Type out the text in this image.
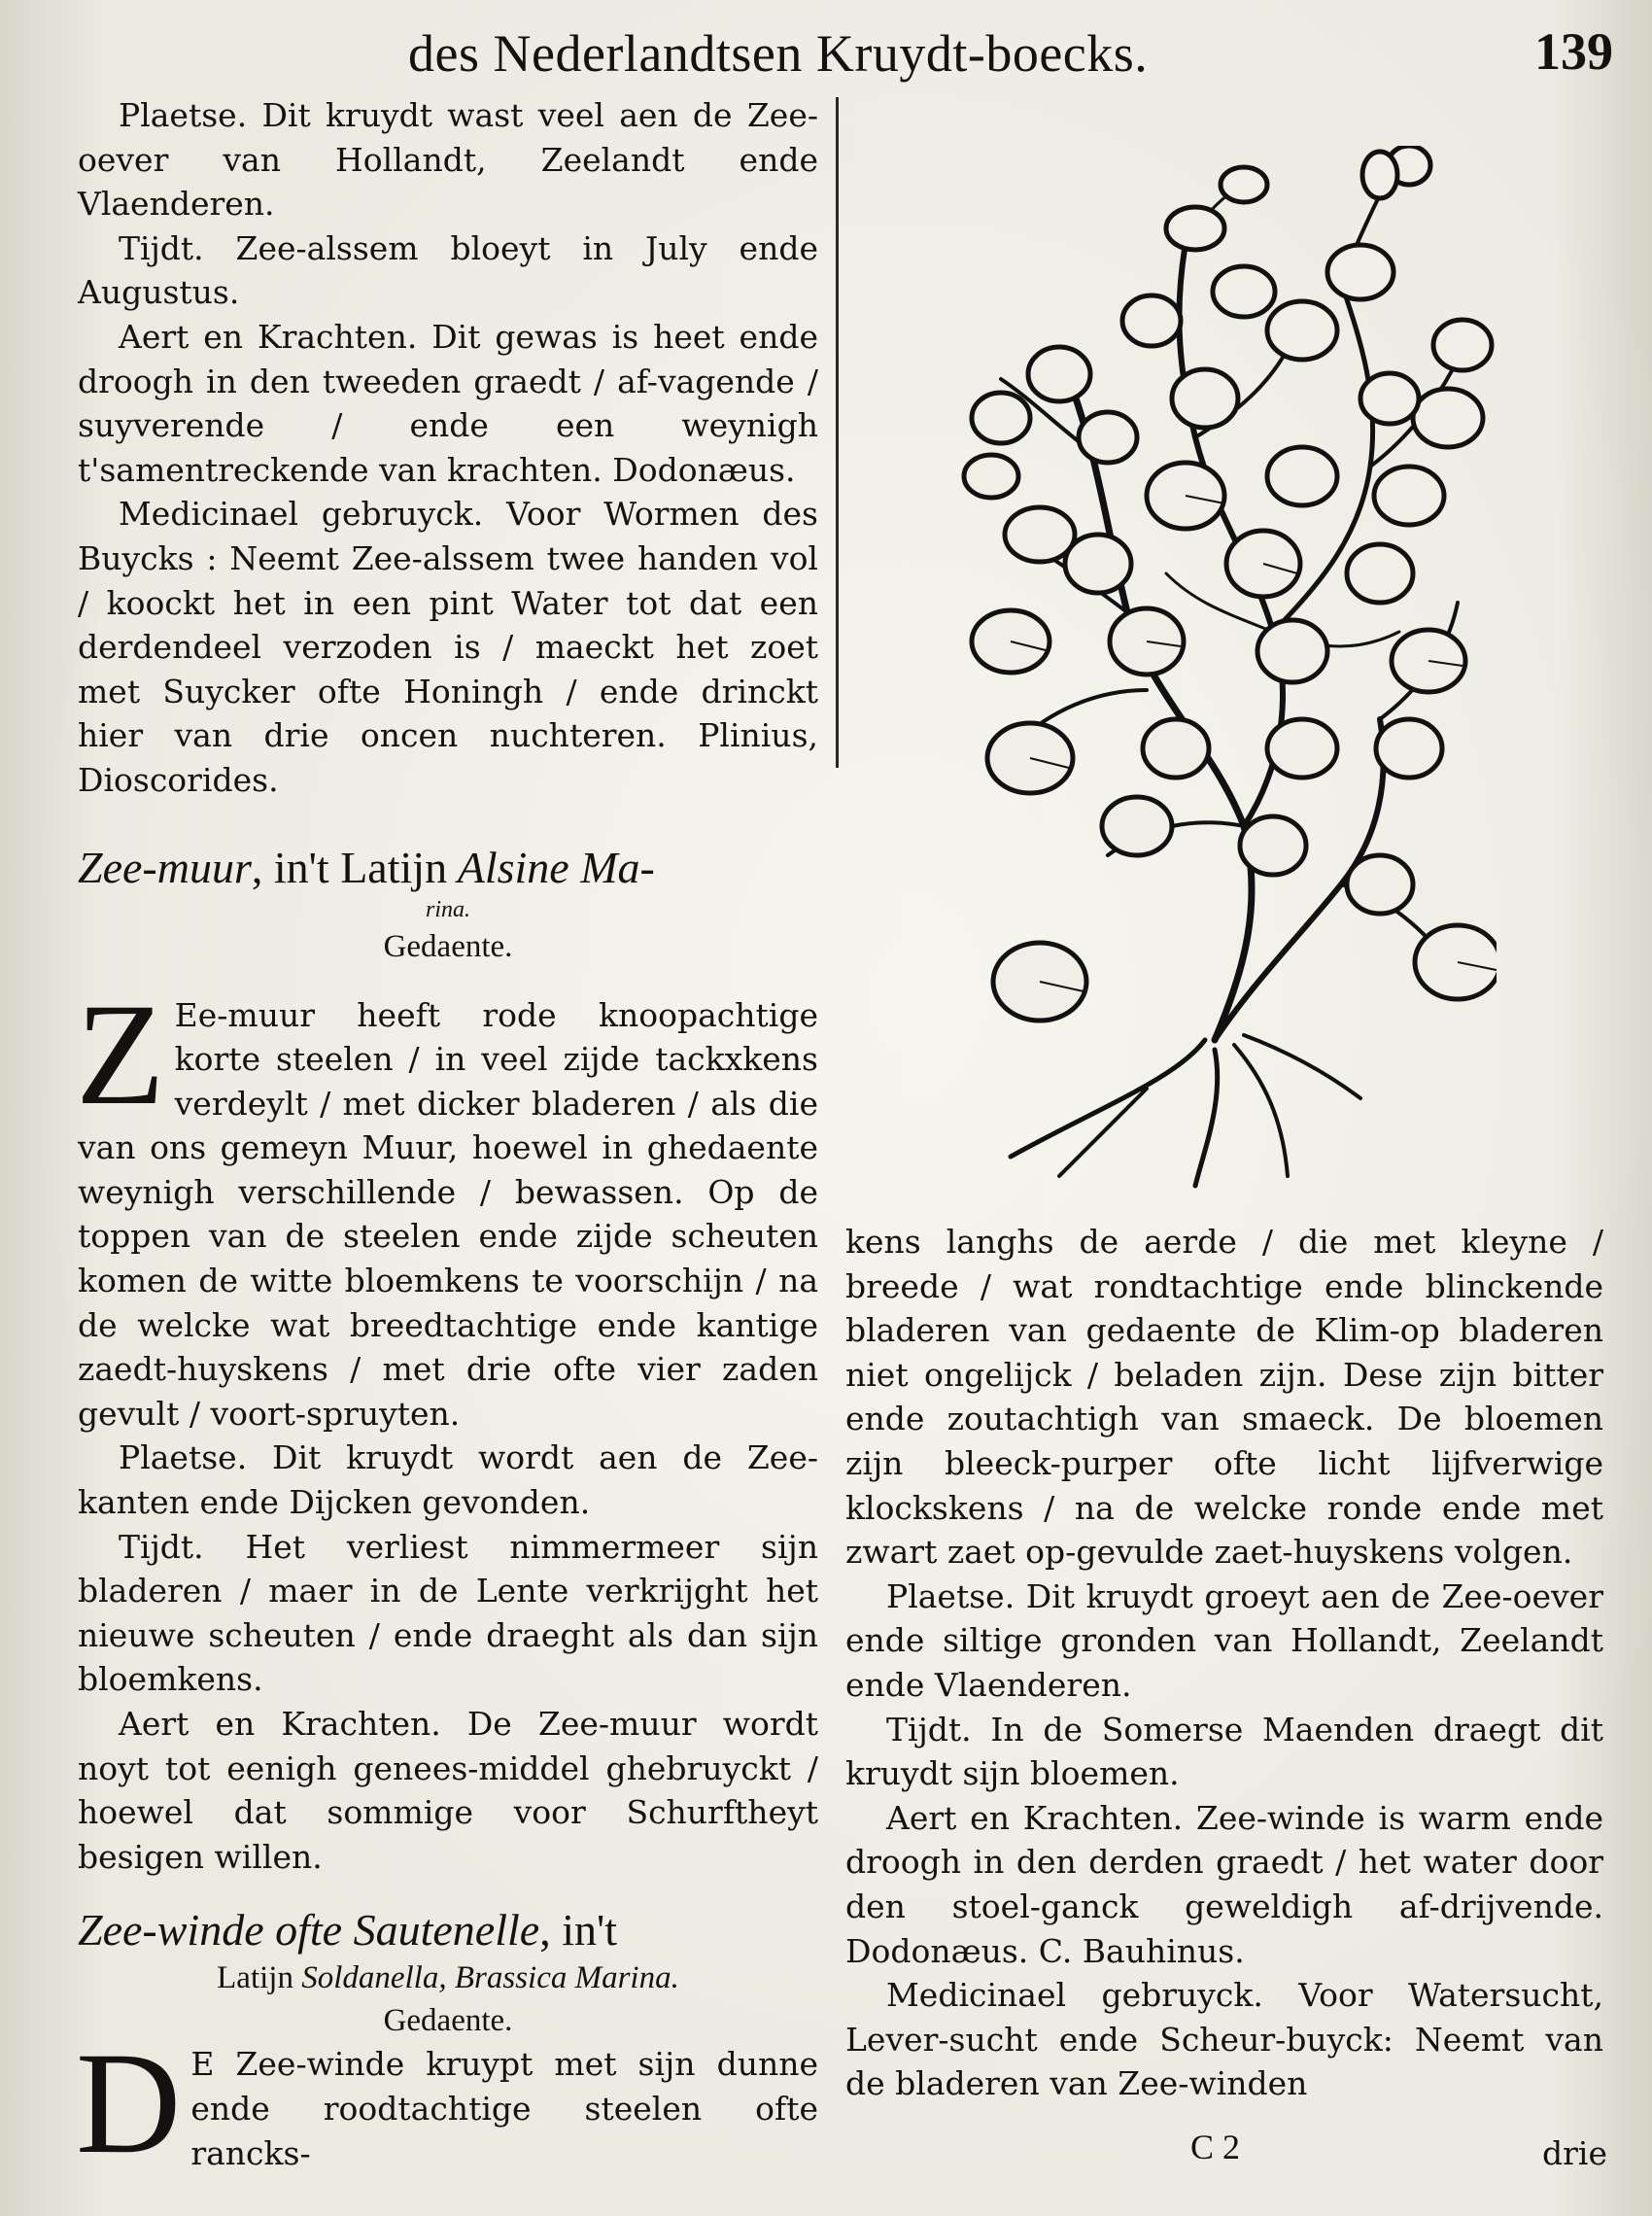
des Nederlandtsen Kruydt-boecks.	139

Plaetse. Dit kruydt wast veel aen de Zee-oever van Hollandt, Zeelandt ende Vlaenderen.

Tijdt. Zee-alssem bloeyt in July ende Augustus.

Aert en Krachten. Dit gewas is heet ende droogh in den tweeden graedt / af-vagende / suyverende / ende een weynigh t'samentreckende van krachten. Dodonæus.

Medicinael gebruyck. Voor Wormen des Buycks : Neemt Zee-alssem twee handen vol / koockt het in een pint Water tot dat een derdendeel verzoden is / maeckt het zoet met Suycker ofte Honingh / ende drinckt hier van drie oncen nuchteren. Plinius, Dioscorides.

Zee-muur, in't Latijn Alsine Ma-

rina.

Gedaente.

Z Ee-muur heeft rode knoopachtige korte steelen / in veel zijde tackxkens verdeylt / met dicker bladeren / als die van ons gemeyn Muur, hoewel in ghedaente weynigh verschillende / bewassen. Op de toppen van de steelen ende zijde scheuten komen de witte bloemkens te voorschijn / na de welcke wat breedtachtige ende kantige zaedt-huyskens / met drie ofte vier zaden gevult / voort-spruyten.

Plaetse. Dit kruydt wordt aen de Zee-kanten ende Dijcken gevonden.

Tijdt. Het verliest nimmermeer sijn bladeren / maer in de Lente verkrijght het nieuwe scheuten / ende draeght als dan sijn bloemkens.

Aert en Krachten. De Zee-muur wordt noyt tot eenigh genees-middel ghebruyckt / hoewel dat sommige voor Schurftheyt besigen willen.

Zee-winde ofte Sautenelle, in't

Latijn Soldanella, Brassica Marina.

Gedaente.

D E Zee-winde kruypt met sijn dunne ende roodtachtige steelen ofte rancks-

kens langhs de aerde / die met kleyne / breede / wat rondtachtige ende blinckende bladeren van gedaente de Klim-op bladeren niet ongelijck / beladen zijn. Dese zijn bitter ende zoutachtigh van smaeck. De bloemen zijn bleeck-purper ofte licht lijfverwige klockskens / na de welcke ronde ende met zwart zaet op-gevulde zaet-huyskens volgen.

Plaetse. Dit kruydt groeyt aen de Zee-oever ende siltige gronden van Hollandt, Zeelandt ende Vlaenderen.

Tijdt. In de Somerse Maenden draegt dit kruydt sijn bloemen.

Aert en Krachten. Zee-winde is warm ende droogh in den derden graedt / het water door den stoel-ganck geweldigh af-drijvende. Dodonæus. C. Bauhinus.

Medicinael gebruyck. Voor Watersucht, Lever-sucht ende Scheur-buyck: Neemt van de bladeren van Zee-winden

C 2	drie
